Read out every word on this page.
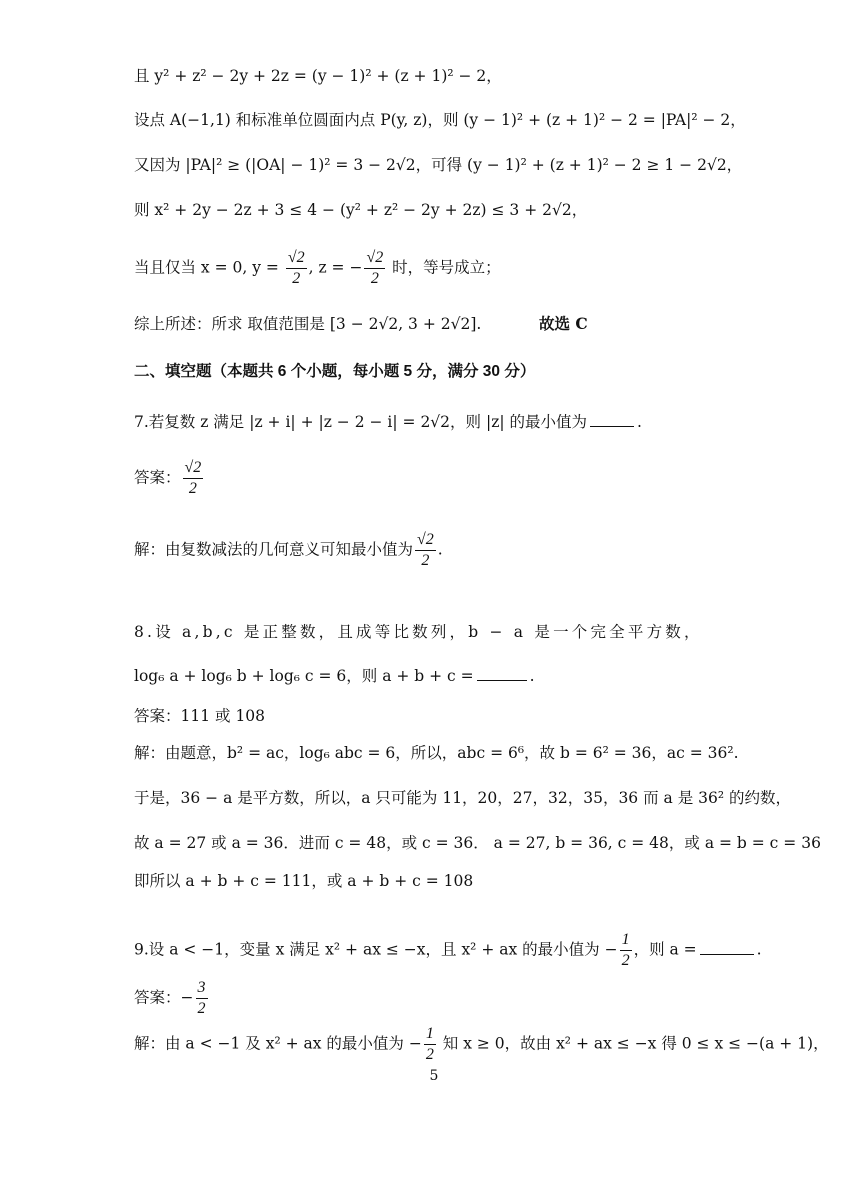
且 y² + z² − 2y + 2z = (y − 1)² + (z + 1)² − 2，
设点 A(−1,1) 和标准单位圆面内点 P(y, z)，则 (y − 1)² + (z + 1)² − 2 = |PA|² − 2，
又因为 |PA|² ≥ (|OA| − 1)² = 3 − 2√2，可得 (y − 1)² + (z + 1)² − 2 ≥ 1 − 2√2，
则 x² + 2y − 2z + 3 ≤ 4 − (y² + z² − 2y + 2z) ≤ 3 + 2√2，
当且仅当 x = 0, $y = \frac{√2}{2}$ , z = − $\frac{√2}{2}$ 时，等号成立；
综上所述：所求 取值范围是 [3 − 2√2, 3 + 2√2].	故选 C
二、填空题（本题共 6 个小题，每小题 5 分，满分 30 分）
7.若复数 z 满足 |z + i| + |z − 2 − i| = 2√2，则 |z| 的最小值为	.
答案： $\frac{√2}{2}$
解：由复数减法的几何意义可知最小值为 $\frac{√2}{2}$ .
8.设 a,b,c 是正整数，且成等比数列，b − a 是一个完全平方数，
log₆ a + log₆ b + log₆ c = 6，则 a + b + c =	.
答案：111 或 108
解：由题意，b² = ac，log₆ abc = 6，所以，abc = 6⁶，故 b = 6² = 36，ac = 36².
于是，36 − a 是平方数，所以，a 只可能为 11，20，27，32，35，36 而 a 是 36² 的约数，
故 a = 27 或 a = 36．进而 c = 48，或 c = 36． a = 27, b = 36, c = 48，或 a = b = c = 36
即所以 a + b + c = 111，或 a + b + c = 108
9.设 a < −1，变量 x 满足 x² + ax ≤ −x，且 x² + ax 的最小值为 − $\frac{1}{2}$ ，则 a =	.
答案：− $\frac{3}{2}$
解：由 a < −1 及 x² + ax 的最小值为 − $\frac{1}{2}$ 知 x ≥ 0，故由 x² + ax ≤ −x 得 0 ≤ x ≤ −(a + 1)，
5
